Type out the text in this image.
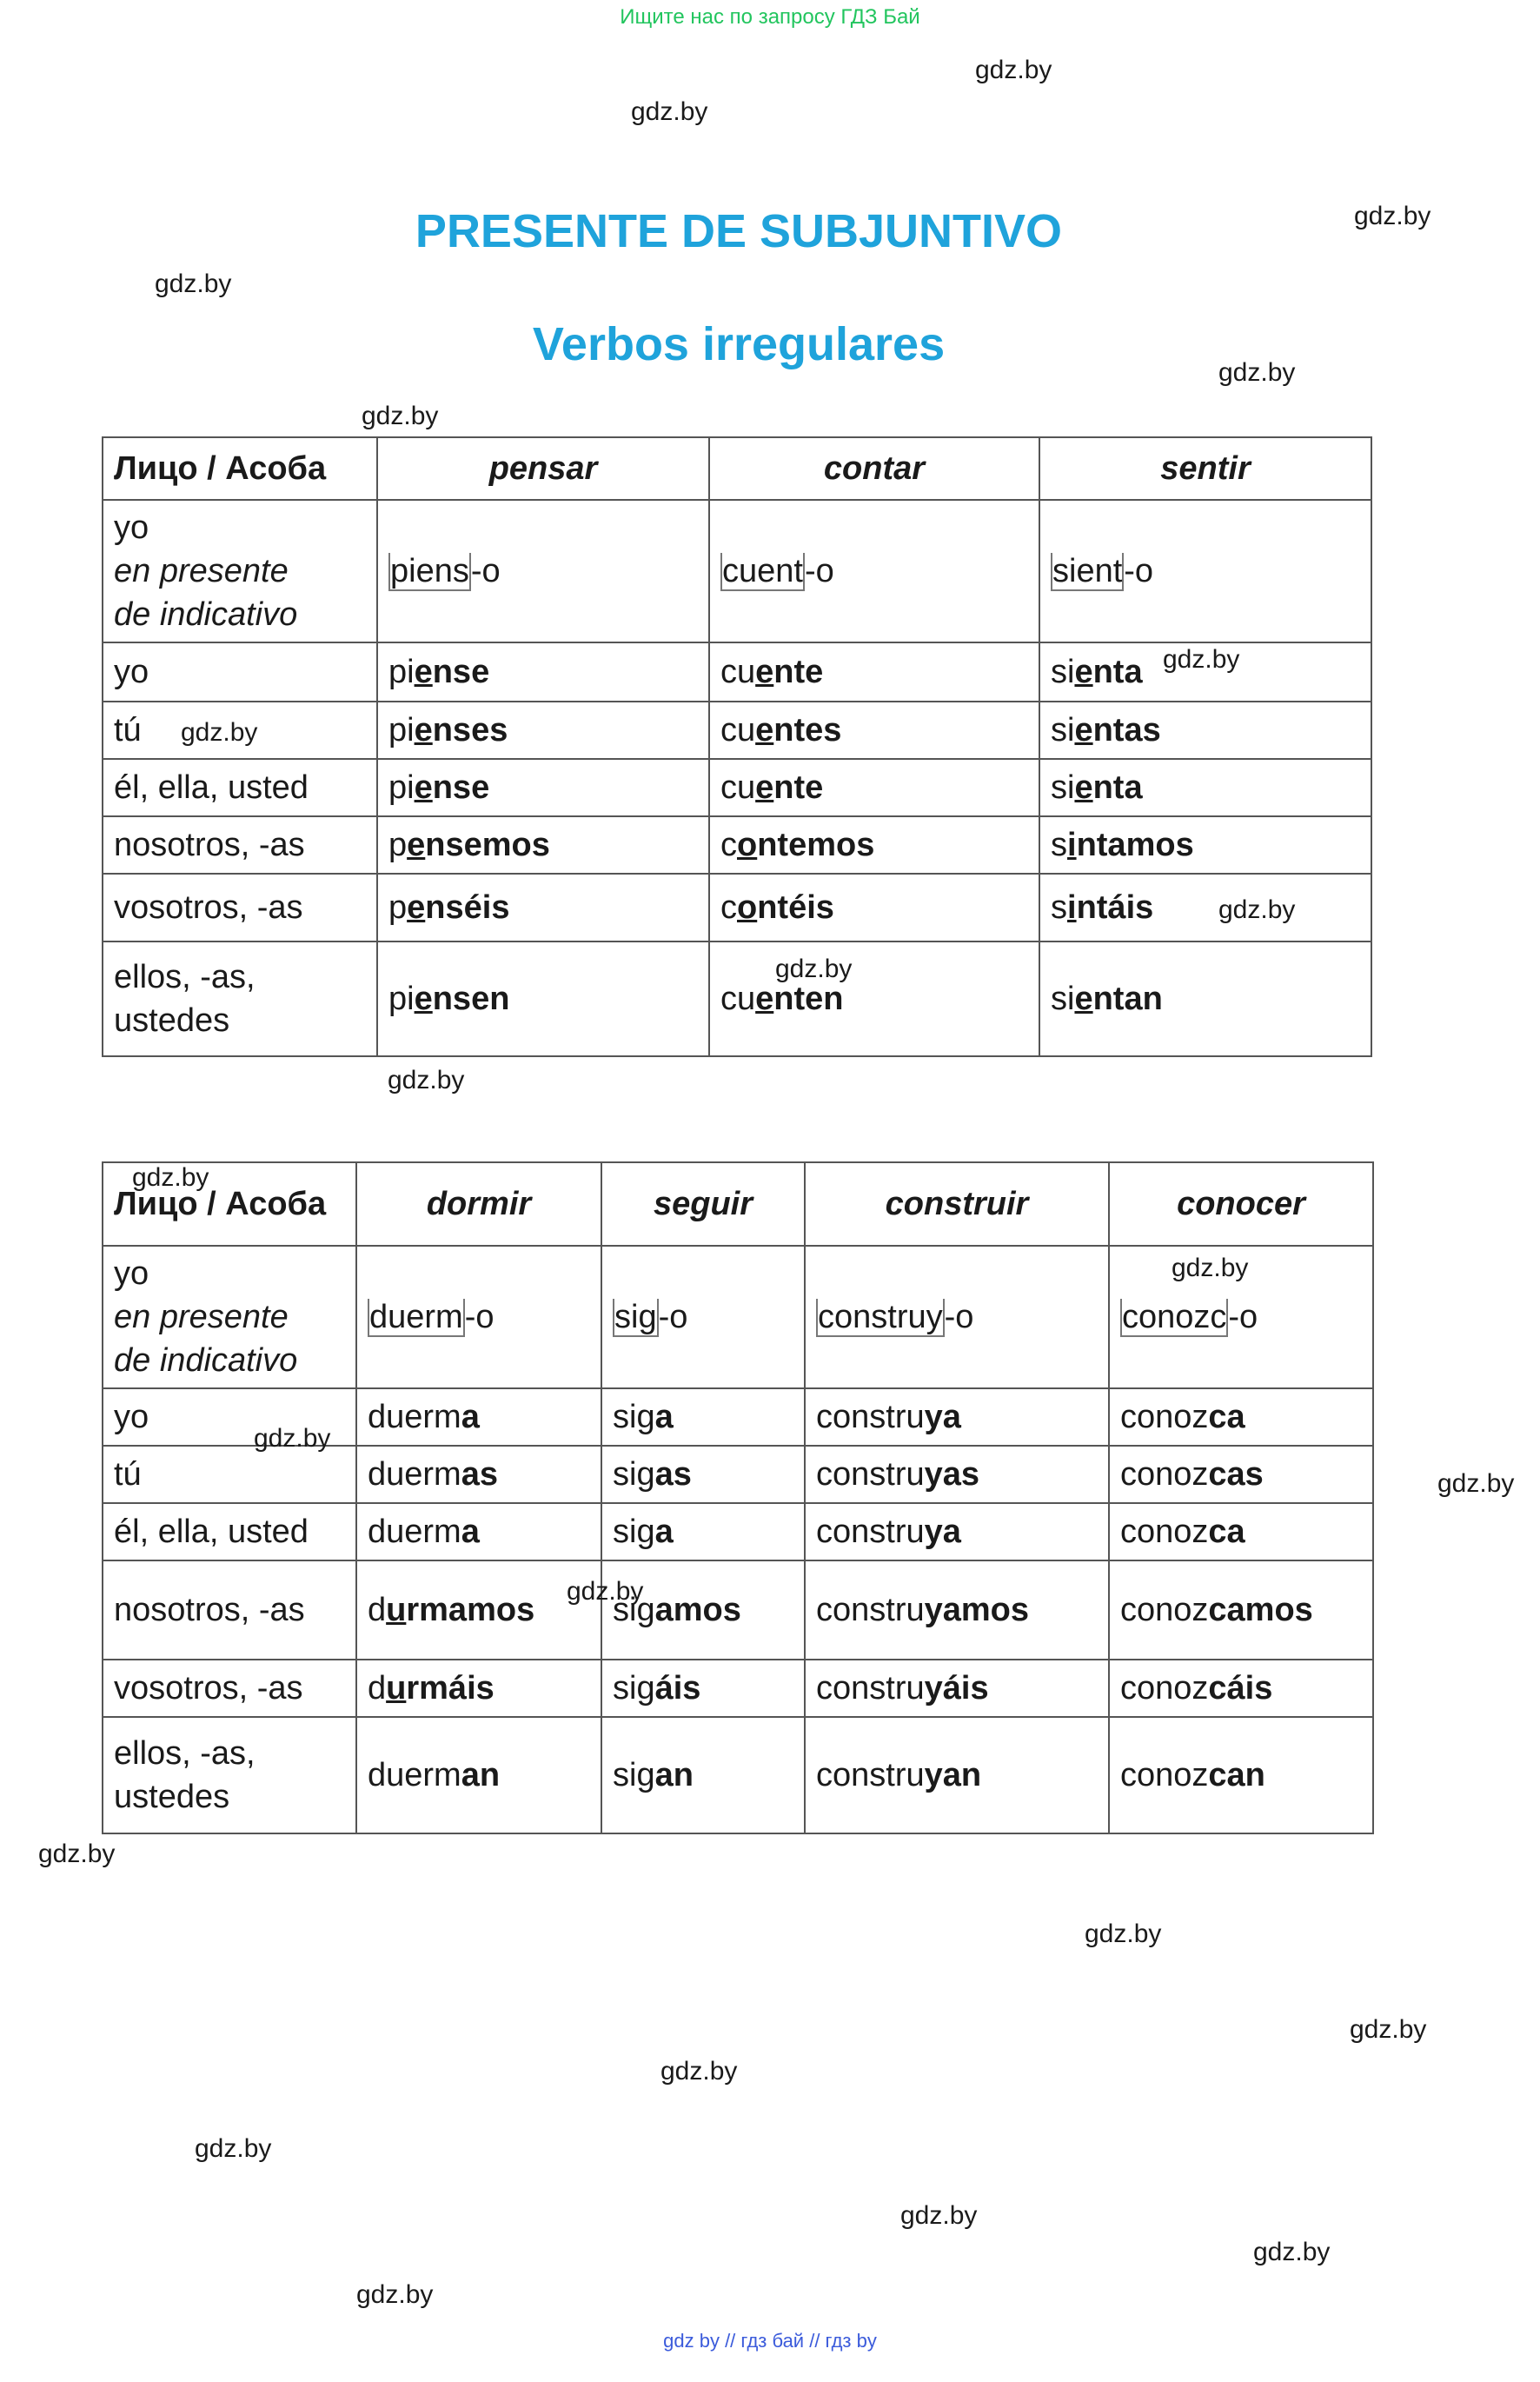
Ищите нас по запросу ГДЗ Бай
PRESENTE DE SUBJUNTIVO
Verbos irregulares
Лицо / Асоба	pensar	contar	sentir

yo
en presente
de indicativo	piens-o	cuent-o	sient-o

yo	piense	cuente	sienta

tú	pienses	cuentes	sientas

él, ella, usted	piense	cuente	sienta

nosotros, -as	pensemos	contemos	sintamos

vosotros, -as	penséis	contéis	sintáis

ellos, -as,
ustedes	piensen	cuenten	sientan
Лицо / Асоба	dormir	seguir	construir	conocer

yo
en presente
de indicativo	duerm-o	sig-o	construy-o	conozc-o

yo	duerma	siga	construya	conozca

tú	duermas	sigas	construyas	conozcas

él, ella, usted	duerma	siga	construya	conozca

nosotros, -as	durmamos	sigamos	construyamos	conozcamos

vosotros, -as	durmáis	sigáis	construyáis	conozcáis

ellos, -as,
ustedes	duerman	sigan	construyan	conozcan
gdz.by
gdz.by
gdz.by
gdz.by
gdz.by
gdz.by
gdz.by
gdz.by
gdz.by
gdz.by
gdz.by
gdz.by
gdz.by
gdz.by
gdz.by
gdz.by
gdz.by
gdz.by
gdz.by
gdz.by
gdz.by
gdz.by
gdz.by
gdz.by
gdz by // гдз бай // гдз by
